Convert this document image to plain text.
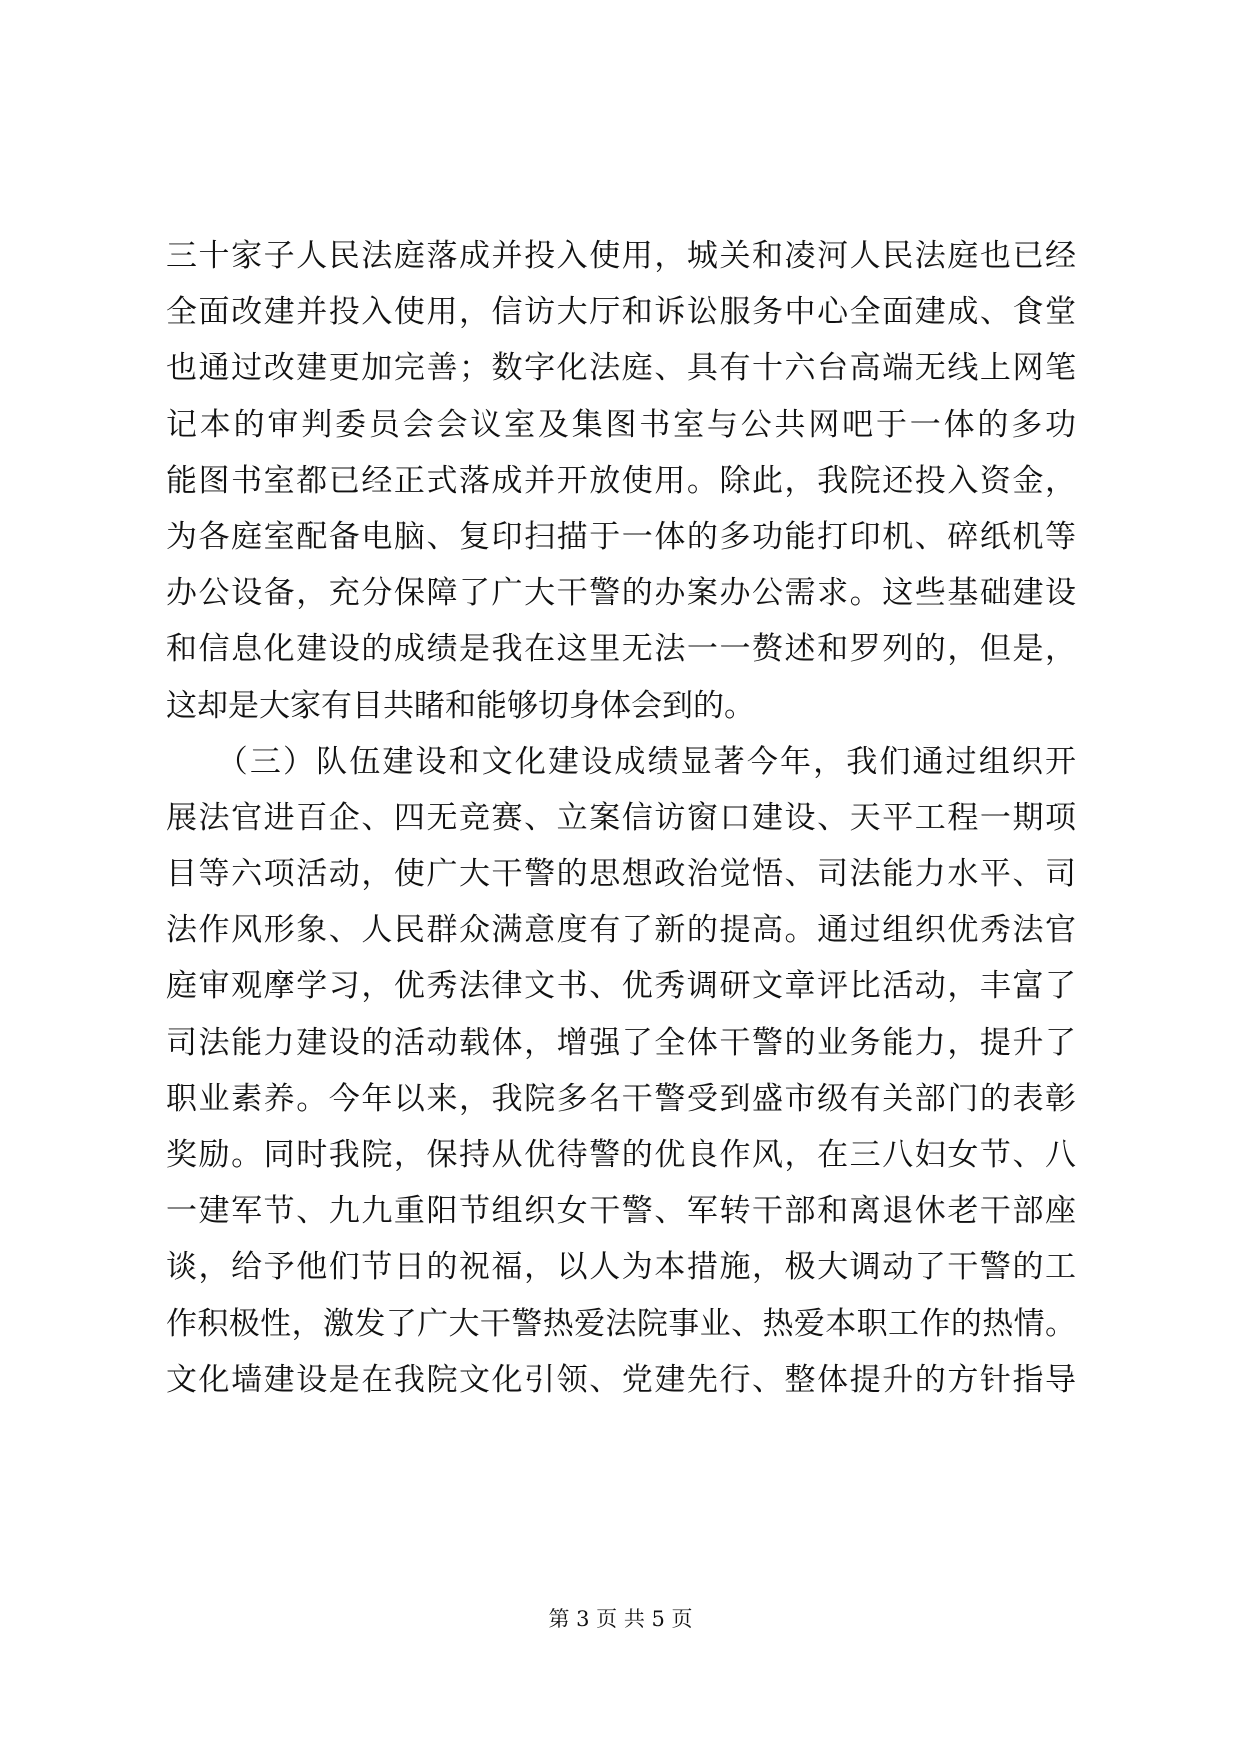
三十家子人民法庭落成并投入使用，城关和凌河人民法庭也已经
全面改建并投入使用，信访大厅和诉讼服务中心全面建成、食堂
也通过改建更加完善；数字化法庭、具有十六台高端无线上网笔
记本的审判委员会会议室及集图书室与公共网吧于一体的多功
能图书室都已经正式落成并开放使用。除此，我院还投入资金，
为各庭室配备电脑、复印扫描于一体的多功能打印机、碎纸机等
办公设备，充分保障了广大干警的办案办公需求。这些基础建设
和信息化建设的成绩是我在这里无法一一赘述和罗列的，但是，
这却是大家有目共睹和能够切身体会到的。
　　（三）队伍建设和文化建设成绩显著今年，我们通过组织开
展法官进百企、四无竞赛、立案信访窗口建设、天平工程一期项
目等六项活动，使广大干警的思想政治觉悟、司法能力水平、司
法作风形象、人民群众满意度有了新的提高。通过组织优秀法官
庭审观摩学习，优秀法律文书、优秀调研文章评比活动，丰富了
司法能力建设的活动载体，增强了全体干警的业务能力，提升了
职业素养。今年以来，我院多名干警受到盛市级有关部门的表彰
奖励。同时我院，保持从优待警的优良作风，在三八妇女节、八
一建军节、九九重阳节组织女干警、军转干部和离退休老干部座
谈，给予他们节日的祝福，以人为本措施，极大调动了干警的工
作积极性，激发了广大干警热爱法院事业、热爱本职工作的热情。
文化墙建设是在我院文化引领、党建先行、整体提升的方针指导
第 3 页 共 5 页
